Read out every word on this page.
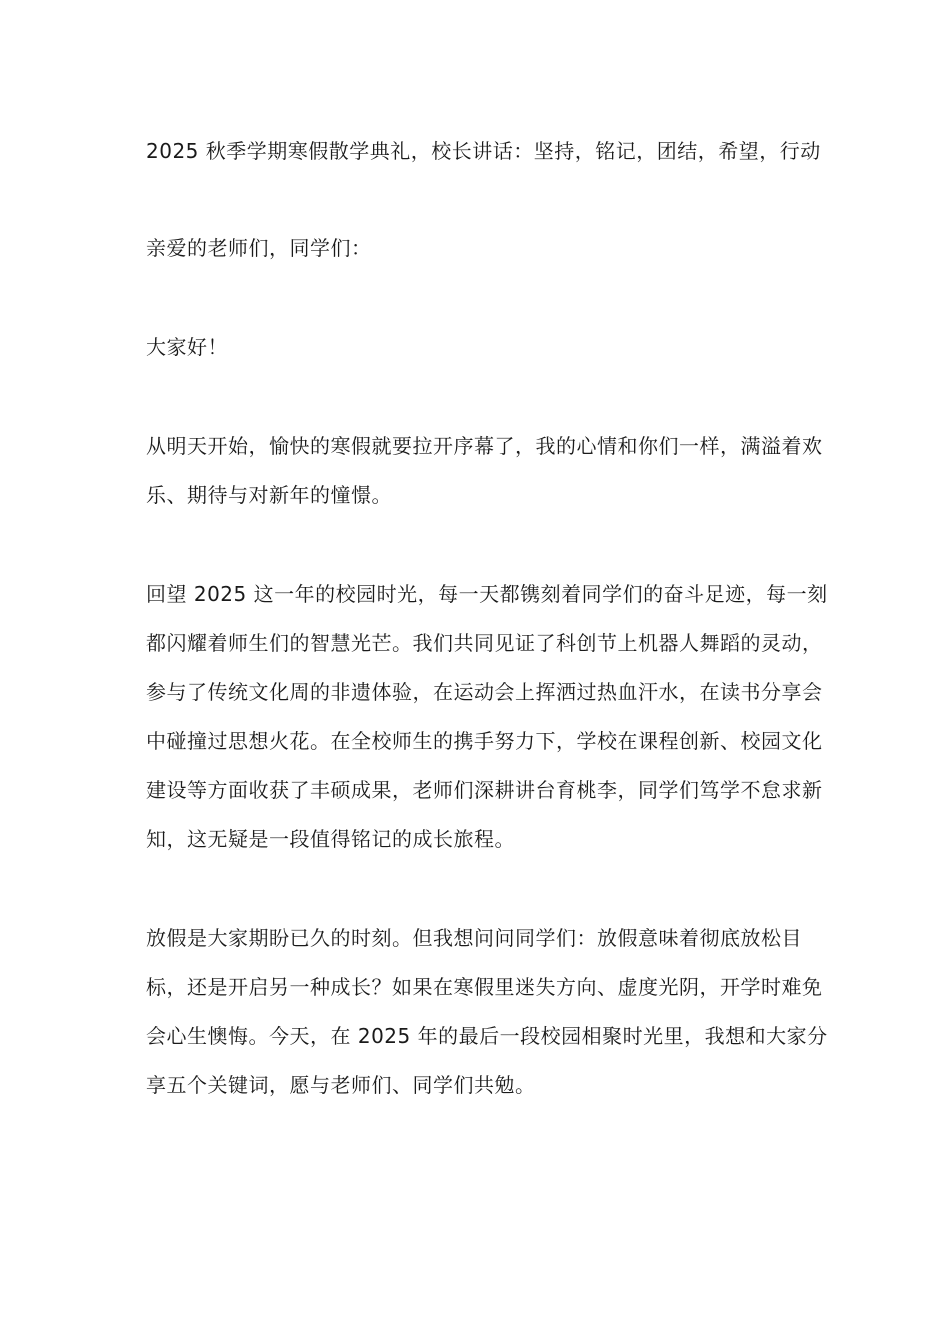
2025 秋季学期寒假散学典礼，校长讲话：坚持，铭记，团结，希望，行动

亲爱的老师们，同学们：

大家好！

从明天开始，愉快的寒假就要拉开序幕了，我的心情和你们一样，满溢着欢乐、期待与对新年的憧憬。

回望 2025 这一年的校园时光，每一天都镌刻着同学们的奋斗足迹，每一刻都闪耀着师生们的智慧光芒。我们共同见证了科创节上机器人舞蹈的灵动，参与了传统文化周的非遗体验，在运动会上挥洒过热血汗水，在读书分享会中碰撞过思想火花。在全校师生的携手努力下，学校在课程创新、校园文化建设等方面收获了丰硕成果，老师们深耕讲台育桃李，同学们笃学不怠求新知，这无疑是一段值得铭记的成长旅程。

放假是大家期盼已久的时刻。但我想问问同学们：放假意味着彻底放松目标，还是开启另一种成长？如果在寒假里迷失方向、虚度光阴，开学时难免会心生懊悔。今天，在 2025 年的最后一段校园相聚时光里，我想和大家分享五个关键词，愿与老师们、同学们共勉。
